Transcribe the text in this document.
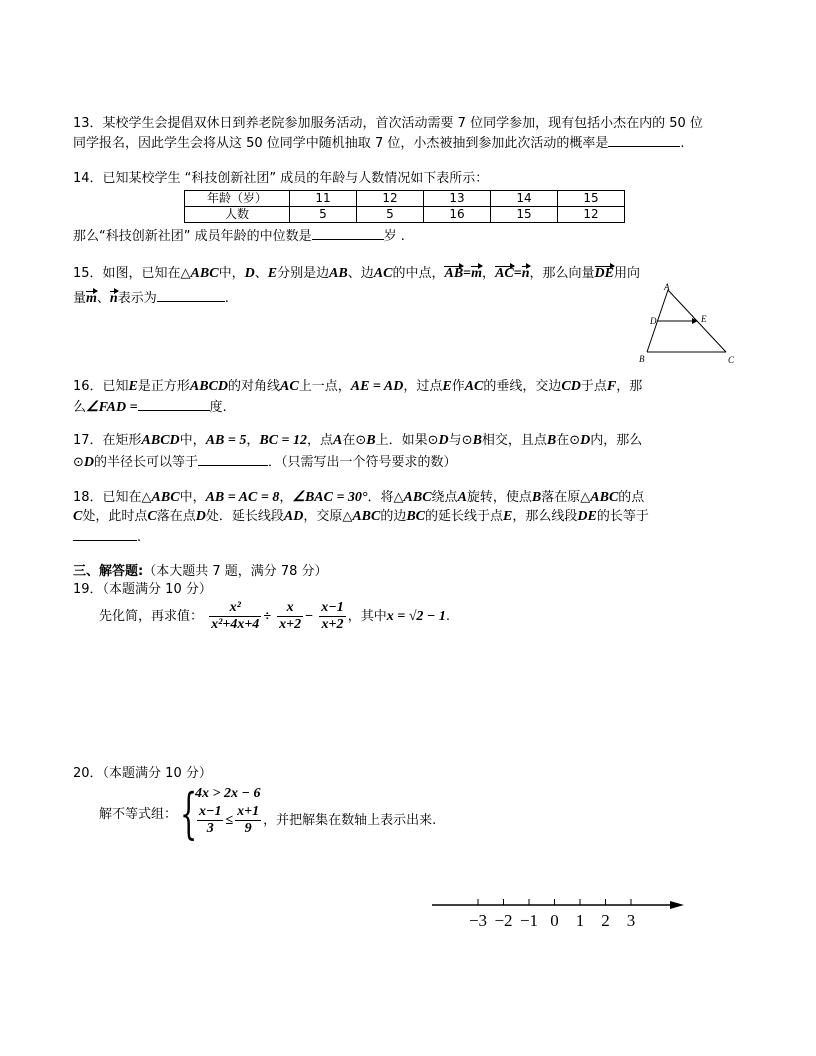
13．某校学生会提倡双休日到养老院参加服务活动，首次活动需要 7 位同学参加，现有包括小杰在内的 50 位
同学报名，因此学生会将从这 50 位同学中随机抽取 7 位，小杰被抽到参加此次活动的概率是	.
14．已知某校学生 “科技创新社团” 成员的年龄与人数情况如下表所示：
年龄（岁）	11	12	13	14	15
人数	5	5	16	15	12
那么“科技创新社团” 成员年龄的中位数是	岁 .
15．如图，已知在△ABC中，D、E分别是边AB、边AC的中点，AB=m，AC=n，那么向量DE用向
量m、n表示为	.
A
D	E
B	C
16．已知E是正方形ABCD的对角线AC上一点，AE = AD，过点E作AC的垂线，交边CD于点F，那
么∠FAD =	度.
17．在矩形ABCD中，AB = 5，BC = 12，点A在⊙B上．如果⊙D与⊙B相交，且点B在⊙D内，那么
⊙D的半径长可以等于	．（只需写出一个符号要求的数）
18．已知在△ABC中，AB = AC = 8，∠BAC = 30°．将△ABC绕点A旋转，使点B落在原△ABC的点
C处，此时点C落在点D处．延长线段AD，交原△ABC的边BC的延长线于点E，那么线段DE的长等于
.
三、解答题:（本大题共 7 题，满分 78 分）
19．（本题满分 10 分）
先化简，再求值： $\frac{\text{x²}}{\text{x²+4x+4}} \div \frac{x}{x+2} - \frac{x-1}{x+2}$ ，其中x = √2 − 1.
20．（本题满分 10 分）
解不等式组： {
4x > 2x − 6
$\frac{x-1}{3} \le \frac{x+1}{9}$ ，并把解集在数轴上表示出来.
−3 −2 −1 0 1 2 3
